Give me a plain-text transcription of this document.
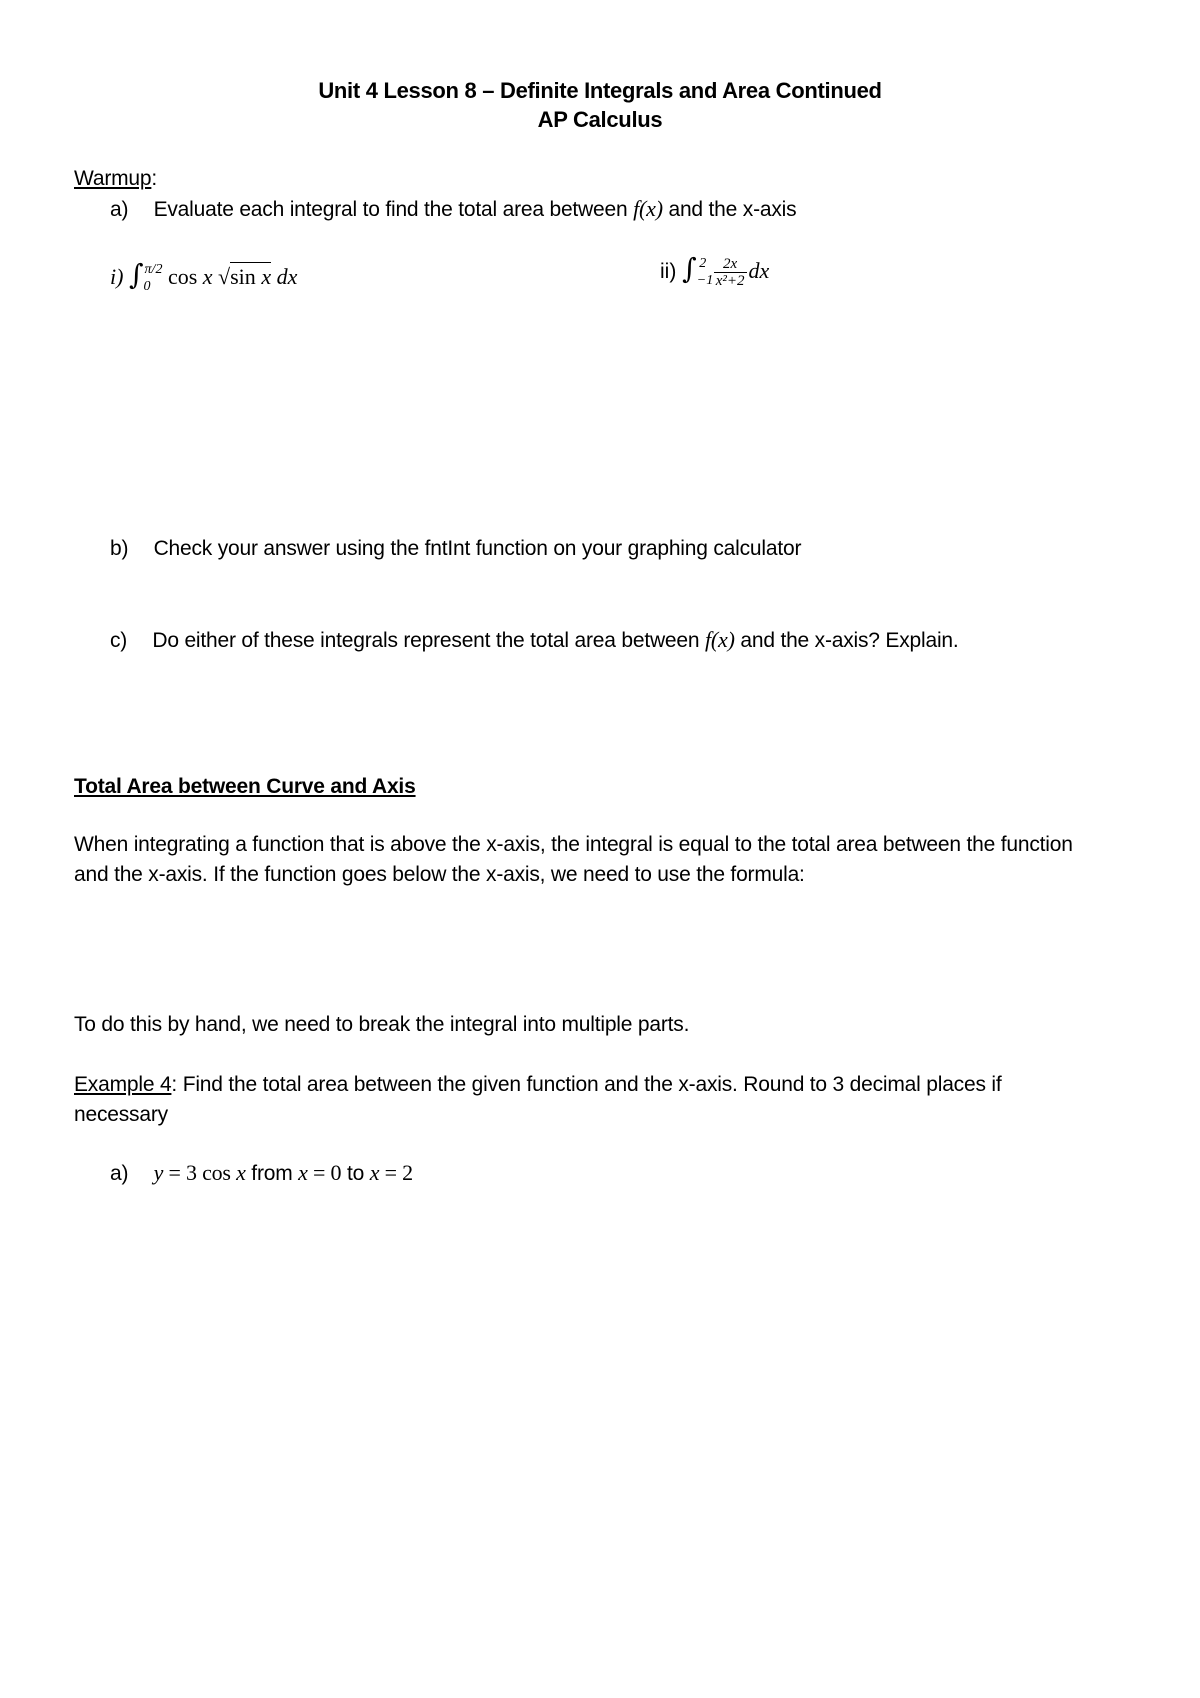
Unit 4 Lesson 8 – Definite Integrals and Area Continued
AP Calculus
Warmup:
a) Evaluate each integral to find the total area between f(x) and the x-axis
i) $\int_0^{\pi/2}$ cos x √sin x dx	ii) $\int_{-1}^2 \frac{2x}{\text{x²+2}}$ dx
b) Check your answer using the fntInt function on your graphing calculator
c) Do either of these integrals represent the total area between f(x) and the x-axis? Explain.
Total Area between Curve and Axis
When integrating a function that is above the x-axis, the integral is equal to the total area between the function and the x-axis. If the function goes below the x-axis, we need to use the formula:
To do this by hand, we need to break the integral into multiple parts.
Example 4: Find the total area between the given function and the x-axis. Round to 3 decimal places if necessary
a) y = 3 cos x from x = 0 to x = 2
